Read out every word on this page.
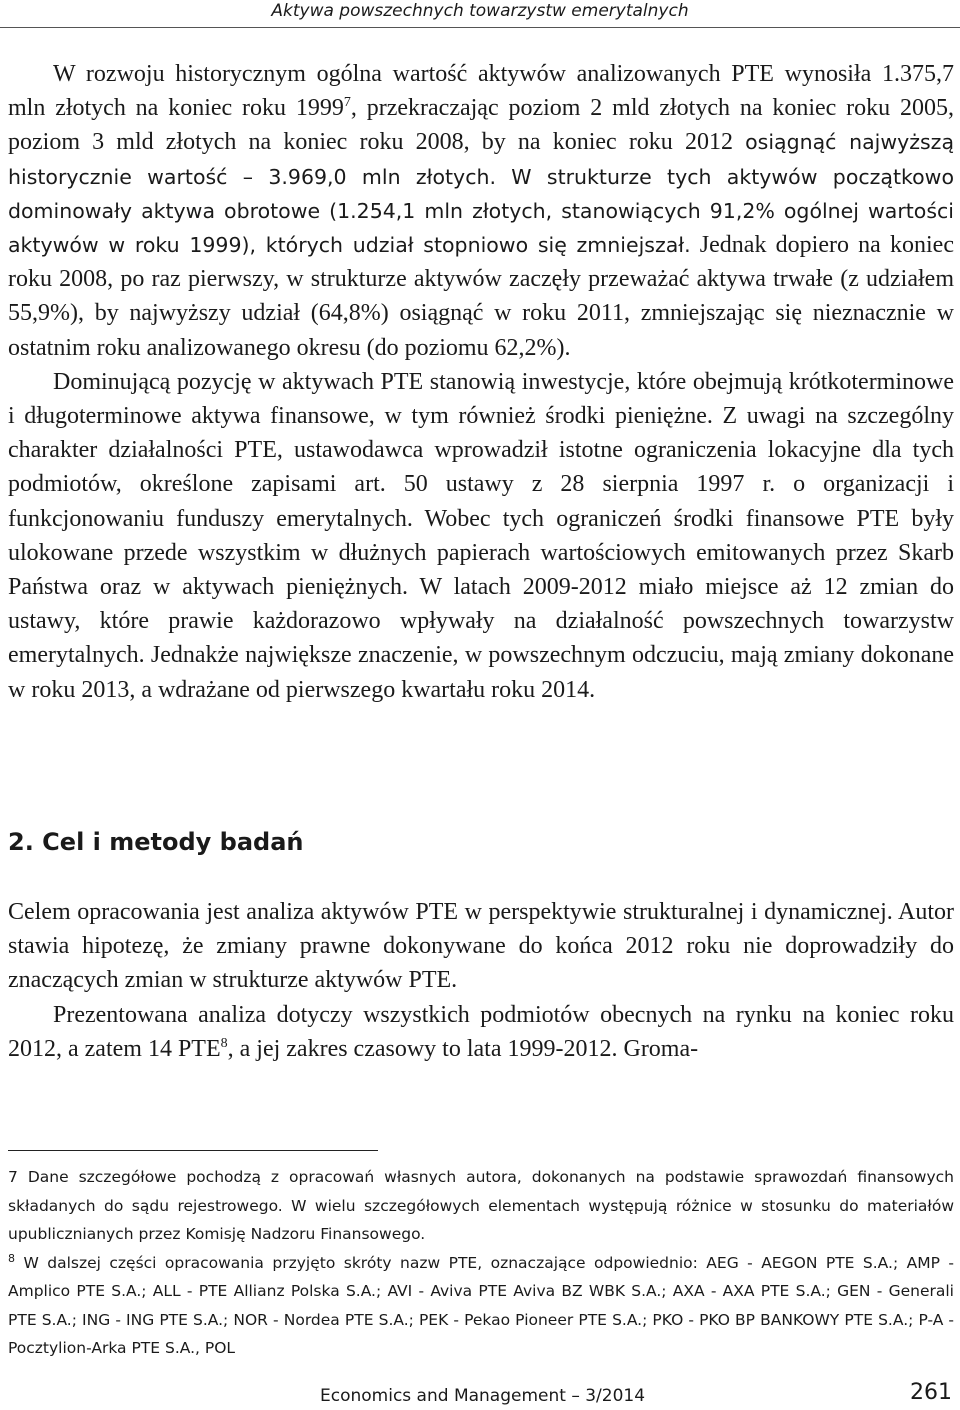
Aktywa powszechnych towarzystw emerytalnych

W rozwoju historycznym ogólna wartość aktywów analizowanych PTE wynosiła 1.375,7 mln złotych na koniec roku 1999$^7$, przekraczając poziom 2 mld złotych na koniec roku 2005, poziom 3 mld złotych na koniec roku 2008, by na koniec roku 2012 osiągnąć najwyższą historycznie wartość – 3.969,0 mln złotych. W strukturze tych aktywów początkowo dominowały aktywa obrotowe (1.254,1 mln złotych, stanowiących 91,2% ogólnej wartości aktywów w roku 1999), których udział stopniowo się zmniejszał. Jednak dopiero na koniec roku 2008, po raz pierwszy, w strukturze aktywów zaczęły przeważać aktywa trwałe (z udziałem 55,9%), by najwyższy udział (64,8%) osiągnąć w roku 2011, zmniejszając się nieznacznie w ostatnim roku analizowanego okresu (do poziomu 62,2%).

Dominującą pozycję w aktywach PTE stanowią inwestycje, które obejmują krótkoterminowe i długoterminowe aktywa finansowe, w tym również środki pieniężne. Z uwagi na szczególny charakter działalności PTE, ustawodawca wprowadził istotne ograniczenia lokacyjne dla tych podmiotów, określone zapisami art. 50 ustawy z 28 sierpnia 1997 r. o organizacji i funkcjonowaniu funduszy emerytalnych. Wobec tych ograniczeń środki finansowe PTE były ulokowane przede wszystkim w dłużnych papierach wartościowych emitowanych przez Skarb Państwa oraz w aktywach pieniężnych. W latach 2009-2012 miało miejsce aż 12 zmian do ustawy, które prawie każdorazowo wpływały na działalność powszechnych towarzystw emerytalnych. Jednakże największe znaczenie, w powszechnym odczuciu, mają zmiany dokonane w roku 2013, a wdrażane od pierwszego kwartału roku 2014.

2. Cel i metody badań

Celem opracowania jest analiza aktywów PTE w perspektywie strukturalnej i dynamicznej. Autor stawia hipotezę, że zmiany prawne dokonywane do końca 2012 roku nie doprowadziły do znaczących zmian w strukturze aktywów PTE.

Prezentowana analiza dotyczy wszystkich podmiotów obecnych na rynku na koniec roku 2012, a zatem 14 PTE$^8$, a jej zakres czasowy to lata 1999-2012. Groma-

7 Dane szczegółowe pochodzą z opracowań własnych autora, dokonanych na podstawie sprawozdań finansowych składanych do sądu rejestrowego. W wielu szczegółowych elementach występują różnice w stosunku do materiałów upublicznianych przez Komisję Nadzoru Finansowego.

$^8$ W dalszej części opracowania przyjęto skróty nazw PTE, oznaczające odpowiednio: AEG - AEGON PTE S.A.; AMP - Amplico PTE S.A.; ALL - PTE Allianz Polska S.A.; AVI - Aviva PTE Aviva BZ WBK S.A.; AXA - AXA PTE S.A.; GEN - Generali PTE S.A.; ING - ING PTE S.A.; NOR - Nordea PTE S.A.; PEK - Pekao Pioneer PTE S.A.; PKO - PKO BP BANKOWY PTE S.A.; P-A - Pocztylion-Arka PTE S.A., POL

Economics and Management – 3/2014	261
